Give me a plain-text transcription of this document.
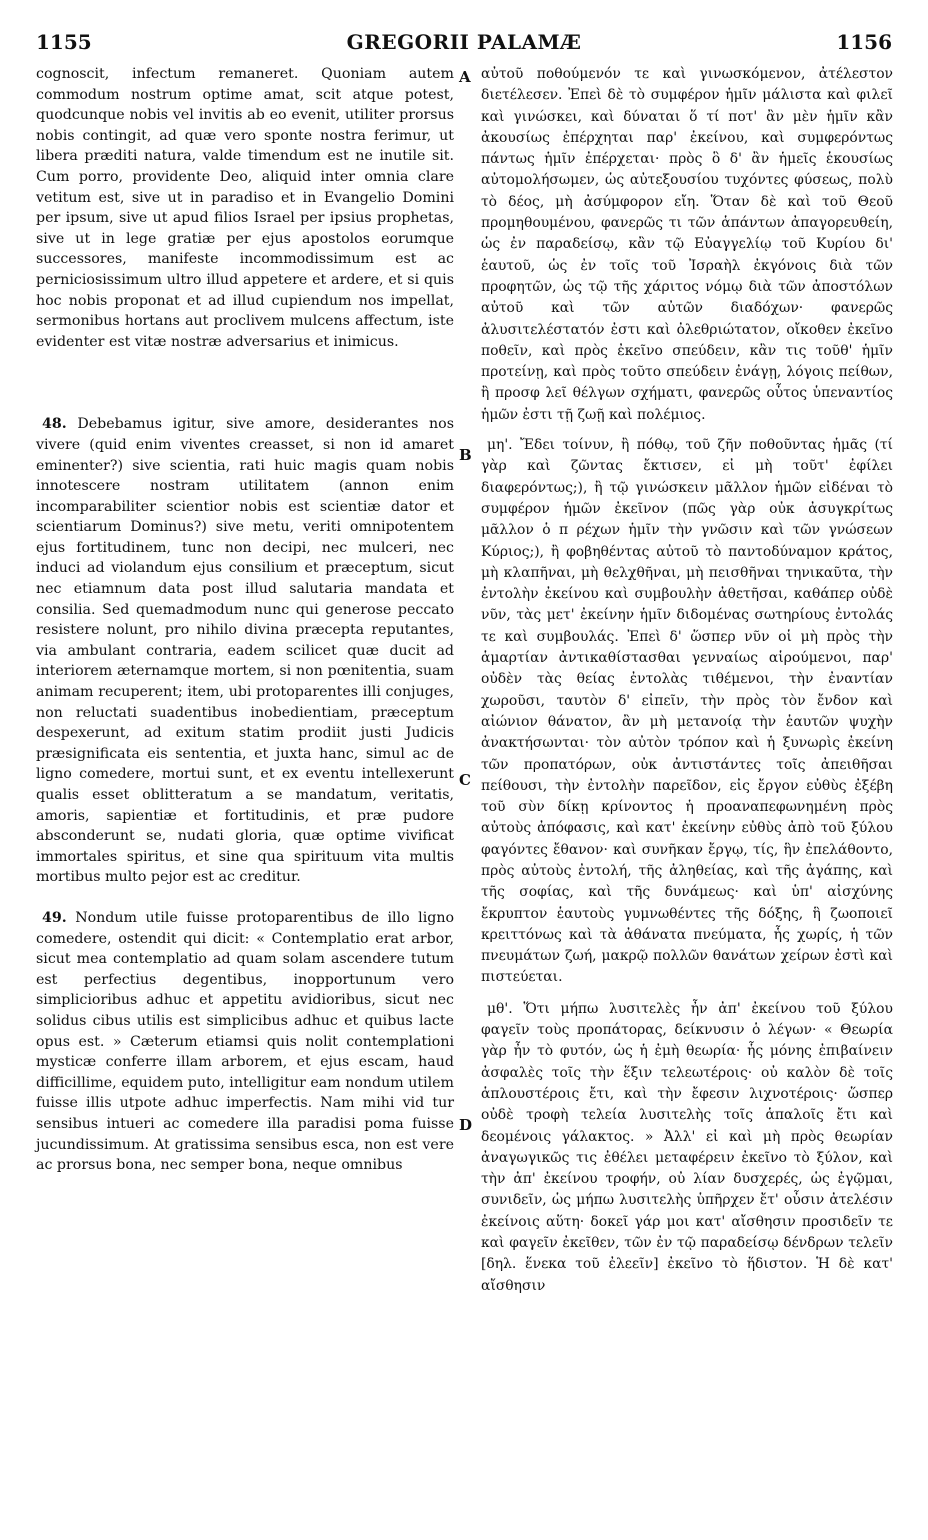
1155	GREGORII PALAMÆ	1156

cognoscit, infectum remaneret. Quoniam autem commodum nostrum optime amat, scit atque potest, quodcunque nobis vel invitis ab eo evenit, utiliter prorsus nobis contingit, ad quæ vero sponte nostra ferimur, ut libera præditi natura, valde timendum est ne inutile sit. Cum porro, providente Deo, aliquid inter omnia clare vetitum est, sive ut in paradiso et in Evangelio Domini per ipsum, sive ut apud filios Israel per ipsius prophetas, sive ut in lege gratiæ per ejus apostolos eorumque successores, manifeste incommodissimum est ac perniciosissimum ultro illud appetere et ardere, et si quis hoc nobis proponat et ad illud cupiendum nos impellat, sermonibus hortans aut proclivem mulcens affectum, iste evidenter est vitæ nostræ adversarius et inimicus.

48. Debebamus igitur, sive amore, desiderantes nos vivere (quid enim viventes creasset, si non id amaret eminenter?) sive scientia, rati huic magis quam nobis innotescere nostram utilitatem (annon enim incomparabiliter scientior nobis est scientiæ dator et scientiarum Dominus?) sive metu, veriti omnipotentem ejus fortitudinem, tunc non decipi, nec mulceri, nec induci ad violandum ejus consilium et præceptum, sicut nec etiamnum data post illud salutaria mandata et consilia. Sed quemadmodum nunc qui generose peccato resistere nolunt, pro nihilo divina præcepta reputantes, via ambulant contraria, eadem scilicet quæ ducit ad interiorem æternamque mortem, si non pœnitentia, suam animam recuperent; item, ubi protoparentes illi conjuges, non reluctati suadentibus inobedientiam, præceptum despexerunt, ad exitum statim prodiit justi Judicis præsignificata eis sententia, et juxta hanc, simul ac de ligno comedere, mortui sunt, et ex eventu intellexerunt qualis esset oblitteratum a se mandatum, veritatis, amoris, sapientiæ et fortitudinis, et præ pudore absconderunt se, nudati gloria, quæ optime vivificat immortales spiritus, et sine qua spirituum vita multis mortibus multo pejor est ac creditur.

49. Nondum utile fuisse protoparentibus de illo ligno comedere, ostendit qui dicit: « Contemplatio erat arbor, sicut mea contemplatio ad quam solam ascendere tutum est perfectius degentibus, inopportunum vero simplicioribus adhuc et appetitu avidioribus, sicut nec solidus cibus utilis est simplicibus adhuc et quibus lacte opus est. » Cæterum etiamsi quis nolit contemplationi mysticæ conferre illam arborem, et ejus escam, haud difficillime, equidem puto, intelligitur eam nondum utilem fuisse illis utpote adhuc imperfectis. Nam mihi vid tur sensibus intueri ac comedere illa paradisi poma fuisse jucundissimum. At gratissima sensibus esca, non est vere ac prorsus bona, nec semper bona, neque omnibus

A
B
C
D

αὐτοῦ ποθούμενόν τε καὶ γινωσκόμενον, ἀτέλεστον διετέλεσεν. Ἐπεὶ δὲ τὸ συμφέρον ἡμῖν μάλιστα καὶ φιλεῖ καὶ γινώσκει, καὶ δύναται ὅ τί ποτ' ἂν μὲν ἡμῖν κἂν ἀκουσίως ἐπέρχηται παρ' ἐκείνου, καὶ συμφερόντως πάντως ἡμῖν ἐπέρχεται· πρὸς ὃ δ' ἂν ἡμεῖς ἑκουσίως αὐτομολήσωμεν, ὡς αὐτεξουσίου τυχόντες φύσεως, πολὺ τὸ δέος, μὴ ἀσύμφορον εἴη. Ὅταν δὲ καὶ τοῦ Θεοῦ προμηθουμένου, φανερῶς τι τῶν ἁπάντων ἀπαγορευθείη, ὡς ἐν παραδείσῳ, κἂν τῷ Εὐαγγελίῳ τοῦ Κυρίου δι' ἑαυτοῦ, ὡς ἐν τοῖς τοῦ Ἰσραὴλ ἐκγόνοις διὰ τῶν προφητῶν, ὡς τῷ τῆς χάριτος νόμῳ διὰ τῶν ἀποστόλων αὐτοῦ καὶ τῶν αὐτῶν διαδόχων· φανερῶς ἀλυσιτελέστατόν ἐστι καὶ ὀλεθριώτατον, οἴκοθεν ἐκεῖνο ποθεῖν, καὶ πρὸς ἐκεῖνο σπεύδειν, κἂν τις τοῦθ' ἡμῖν προτείνῃ, καὶ πρὸς τοῦτο σπεύδειν ἐνάγῃ, λόγοις πείθων, ἢ προσφ λεῖ θέλγων σχήματι, φανερῶς οὗτος ὑπεναντίος ἡμῶν ἐστι τῇ ζωῇ καὶ πολέμιος.

μη'. Ἔδει τοίνυν, ἢ πόθῳ, τοῦ ζῆν ποθοῦντας ἡμᾶς (τί γὰρ καὶ ζῶντας ἔκτισεν, εἰ μὴ τοῦτ' ἐφίλει διαφερόντως;), ἢ τῷ γινώσκειν μᾶλλον ἡμῶν εἰδέναι τὸ συμφέρον ἡμῶν ἐκεῖνον (πῶς γὰρ οὐκ ἀσυγκρίτως μᾶλλον ὁ π ρέχων ἡμῖν τὴν γνῶσιν καὶ τῶν γνώσεων Κύριος;), ἢ φοβηθέντας αὐτοῦ τὸ παντοδύναμον κράτος, μὴ κλαπῆναι, μὴ θελχθῆναι, μὴ πεισθῆναι τηνικαῦτα, τὴν ἐντολὴν ἐκείνου καὶ συμβουλὴν ἀθετῆσαι, καθάπερ οὐδὲ νῦν, τὰς μετ' ἐκείνην ἡμῖν διδομένας σωτηρίους ἐντολάς τε καὶ συμβουλάς. Ἐπεὶ δ' ὥσπερ νῦν οἱ μὴ πρὸς τὴν ἁμαρτίαν ἀντικαθίστασθαι γενναίως αἱρούμενοι, παρ' οὐδὲν τὰς θείας ἐντολὰς τιθέμενοι, τὴν ἐναντίαν χωροῦσι, ταυτὸν δ' εἰπεῖν, τὴν πρὸς τὸν ἔνδον καὶ αἰώνιον θάνατον, ἂν μὴ μετανοίᾳ τὴν ἑαυτῶν ψυχὴν ἀνακτήσωνται· τὸν αὐτὸν τρόπον καὶ ἡ ξυνωρὶς ἐκείνη τῶν προπατόρων, οὐκ ἀντιστάντες τοῖς ἀπειθῆσαι πείθουσι, τὴν ἐντολὴν παρεῖδον, εἰς ἔργον εὐθὺς ἐξέβη τοῦ σὺν δίκῃ κρίνοντος ἡ προαναπεφωνημένη πρὸς αὐτοὺς ἀπόφασις, καὶ κατ' ἐκείνην εὐθὺς ἀπὸ τοῦ ξύλου φαγόντες ἔθανον· καὶ συνῆκαν ἔργῳ, τίς, ἣν ἐπελάθοντο, πρὸς αὐτοὺς ἐντολή, τῆς ἀληθείας, καὶ τῆς ἀγάπης, καὶ τῆς σοφίας, καὶ τῆς δυνάμεως· καὶ ὑπ' αἰσχύνης ἔκρυπτον ἑαυτοὺς γυμνωθέντες τῆς δόξης, ἣ ζωοποιεῖ κρειττόνως καὶ τὰ ἀθάνατα πνεύματα, ἧς χωρίς, ἡ τῶν πνευμάτων ζωή, μακρῷ πολλῶν θανάτων χείρων ἐστὶ καὶ πιστεύεται.

μθ'. Ὅτι μήπω λυσιτελὲς ἦν ἀπ' ἐκείνου τοῦ ξύλου φαγεῖν τοὺς προπάτορας, δείκνυσιν ὁ λέγων· « Θεωρία γὰρ ἦν τὸ φυτόν, ὡς ἡ ἐμὴ θεωρία· ἧς μόνης ἐπιβαίνειν ἀσφαλὲς τοῖς τὴν ἕξιν τελεωτέροις· οὐ καλὸν δὲ τοῖς ἁπλουστέροις ἔτι, καὶ τὴν ἔφεσιν λιχνοτέροις· ὥσπερ οὐδὲ τροφὴ τελεία λυσιτελὴς τοῖς ἁπαλοῖς ἔτι καὶ δεομένοις γάλακτος. » Ἀλλ' εἰ καὶ μὴ πρὸς θεωρίαν ἀναγωγικῶς τις ἐθέλει μεταφέρειν ἐκεῖνο τὸ ξύλον, καὶ τὴν ἀπ' ἐκείνου τροφήν, οὐ λίαν δυσχερές, ὡς ἐγῷμαι, συνιδεῖν, ὡς μήπω λυσιτελὴς ὑπῆρχεν ἔτ' οὖσιν ἀτελέσιν ἐκείνοις αὕτη· δοκεῖ γάρ μοι κατ' αἴσθησιν προσιδεῖν τε καὶ φαγεῖν ἐκεῖθεν, τῶν ἐν τῷ παραδείσῳ δένδρων τελεῖν [δηλ. ἕνεκα τοῦ ἐλεεῖν] ἐκεῖνο τὸ ἥδιστον. Ἡ δὲ κατ' αἴσθησιν
